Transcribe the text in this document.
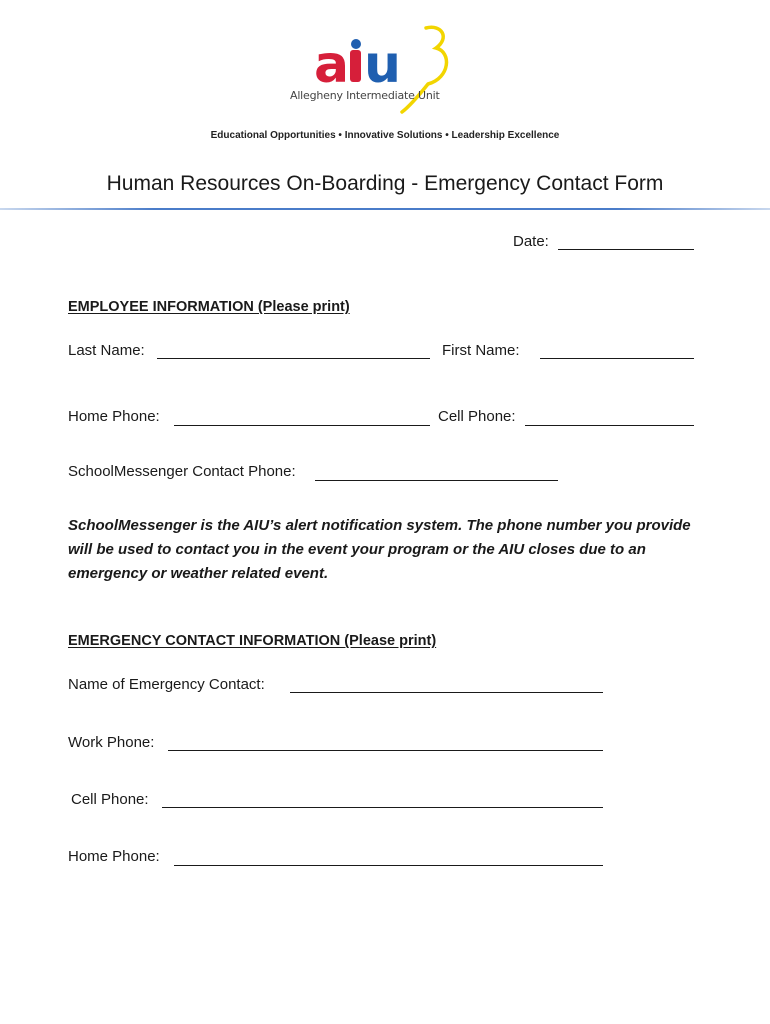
a u
Allegheny Intermediate Unit
Educational Opportunities • Innovative Solutions • Leadership Excellence
Human Resources On-Boarding - Emergency Contact Form
Date:
EMPLOYEE INFORMATION (Please print)
Last Name:	First Name:
Home Phone:	Cell Phone:
SchoolMessenger Contact Phone:
SchoolMessenger is the AIU’s alert notification system. The phone number you provide will be used to contact you in the event your program or the AIU closes due to an emergency or weather related event.
EMERGENCY CONTACT INFORMATION (Please print)
Name of Emergency Contact:
Work Phone:
Cell Phone:
Home Phone:
